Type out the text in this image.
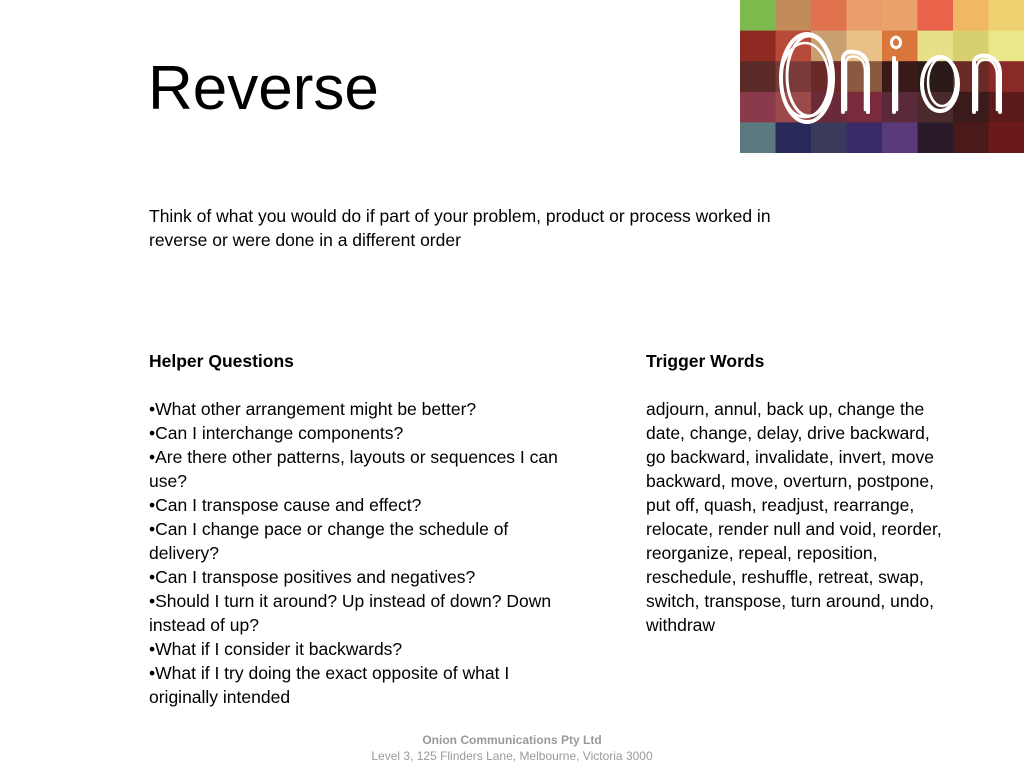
Reverse
Think of what you would do if part of your problem, product or process worked in reverse or were done in a different order
Helper Questions
•What other arrangement might be better?
•Can I interchange components?
•Are there other patterns, layouts or sequences I can use?
•Can I transpose cause and effect?
•Can I change pace or change the schedule of delivery?
•Can I transpose positives and negatives?
•Should I turn it around? Up instead of down? Down instead of up?
•What if I consider it backwards?
•What if I try doing the exact opposite of what I originally intended
Trigger Words
adjourn, annul, back up, change the date, change, delay, drive backward, go backward, invalidate, invert, move backward, move, overturn, postpone, put off, quash, readjust, rearrange, relocate, render null and void, reorder, reorganize, repeal, reposition, reschedule, reshuffle, retreat, swap, switch, transpose, turn around, undo, withdraw
Onion Communications Pty Ltd
Level 3, 125 Flinders Lane, Melbourne, Victoria 3000
